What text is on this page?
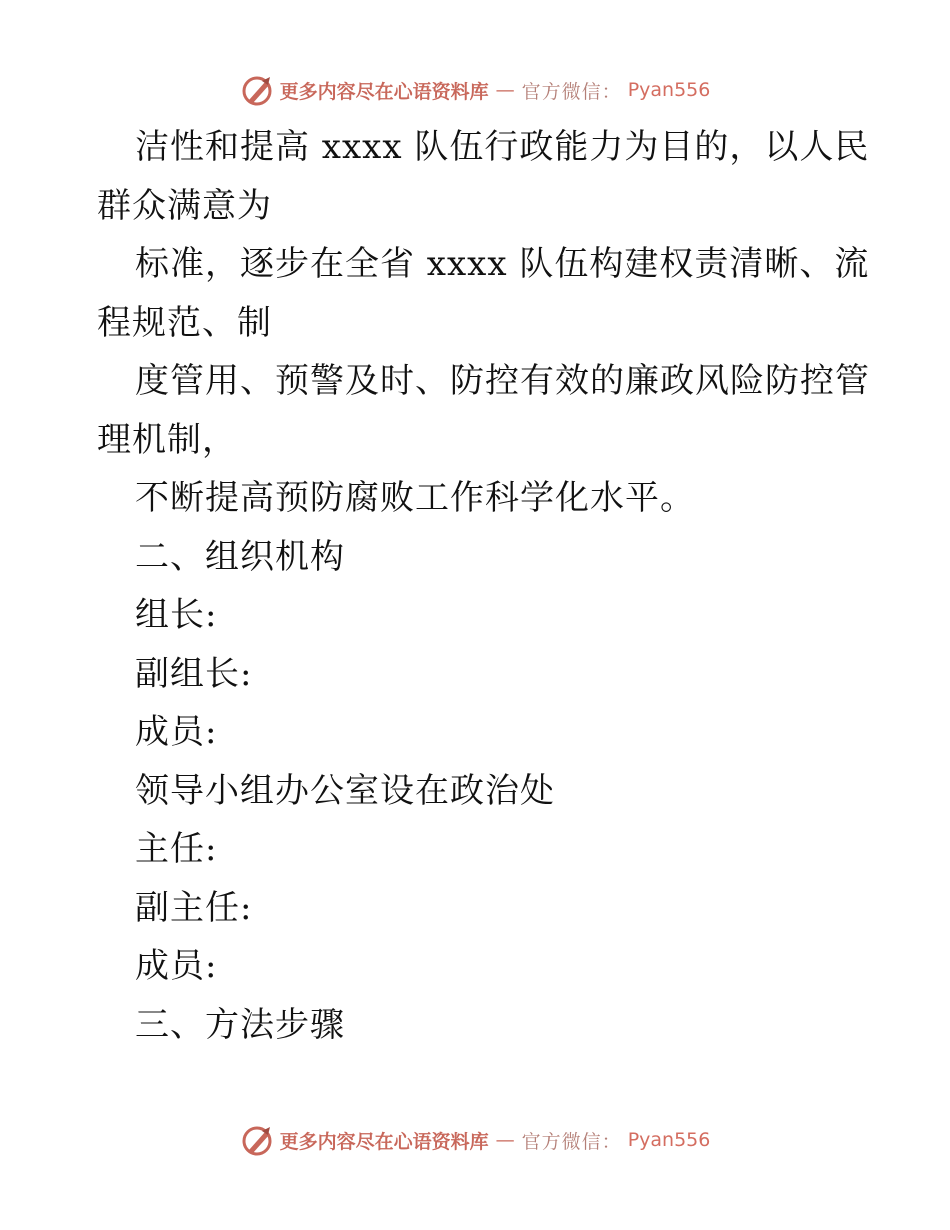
更多内容尽在心语资料库 — 官方微信： Pyan556
洁性和提高 xxxx 队伍行政能力为目的，以人民
群众满意为
标准，逐步在全省 xxxx 队伍构建权责清晰、流
程规范、制
度管用、预警及时、防控有效的廉政风险防控管
理机制，
不断提高预防腐败工作科学化水平。
二、组织机构
组长:
副组长:
成员:
领导小组办公室设在政治处
主任:
副主任:
成员:
三、方法步骤
更多内容尽在心语资料库 — 官方微信： Pyan556
